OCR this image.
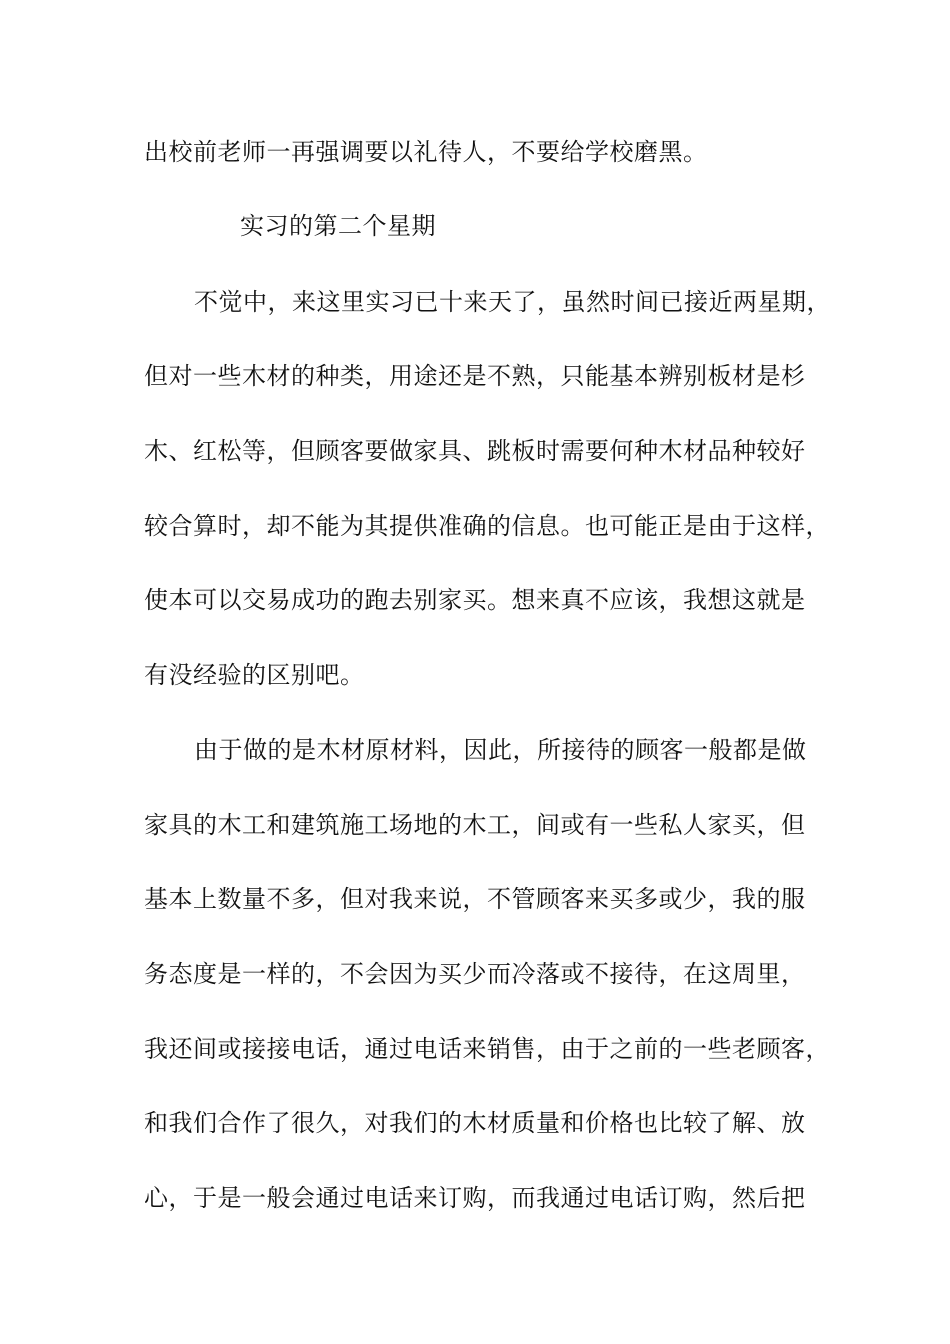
出校前老师一再强调要以礼待人，不要给学校磨黑。
实习的第二个星期
不觉中，来这里实习已十来天了，虽然时间已接近两星期，
但对一些木材的种类，用途还是不熟，只能基本辨别板材是杉
木、红松等，但顾客要做家具、跳板时需要何种木材品种较好
较合算时，却不能为其提供准确的信息。也可能正是由于这样，
使本可以交易成功的跑去别家买。想来真不应该，我想这就是
有没经验的区别吧。
由于做的是木材原材料，因此，所接待的顾客一般都是做
家具的木工和建筑施工场地的木工，间或有一些私人家买，但
基本上数量不多，但对我来说，不管顾客来买多或少，我的服
务态度是一样的，不会因为买少而冷落或不接待，在这周里，
我还间或接接电话，通过电话来销售，由于之前的一些老顾客，
和我们合作了很久，对我们的木材质量和价格也比较了解、放
心，于是一般会通过电话来订购，而我通过电话订购，然后把
